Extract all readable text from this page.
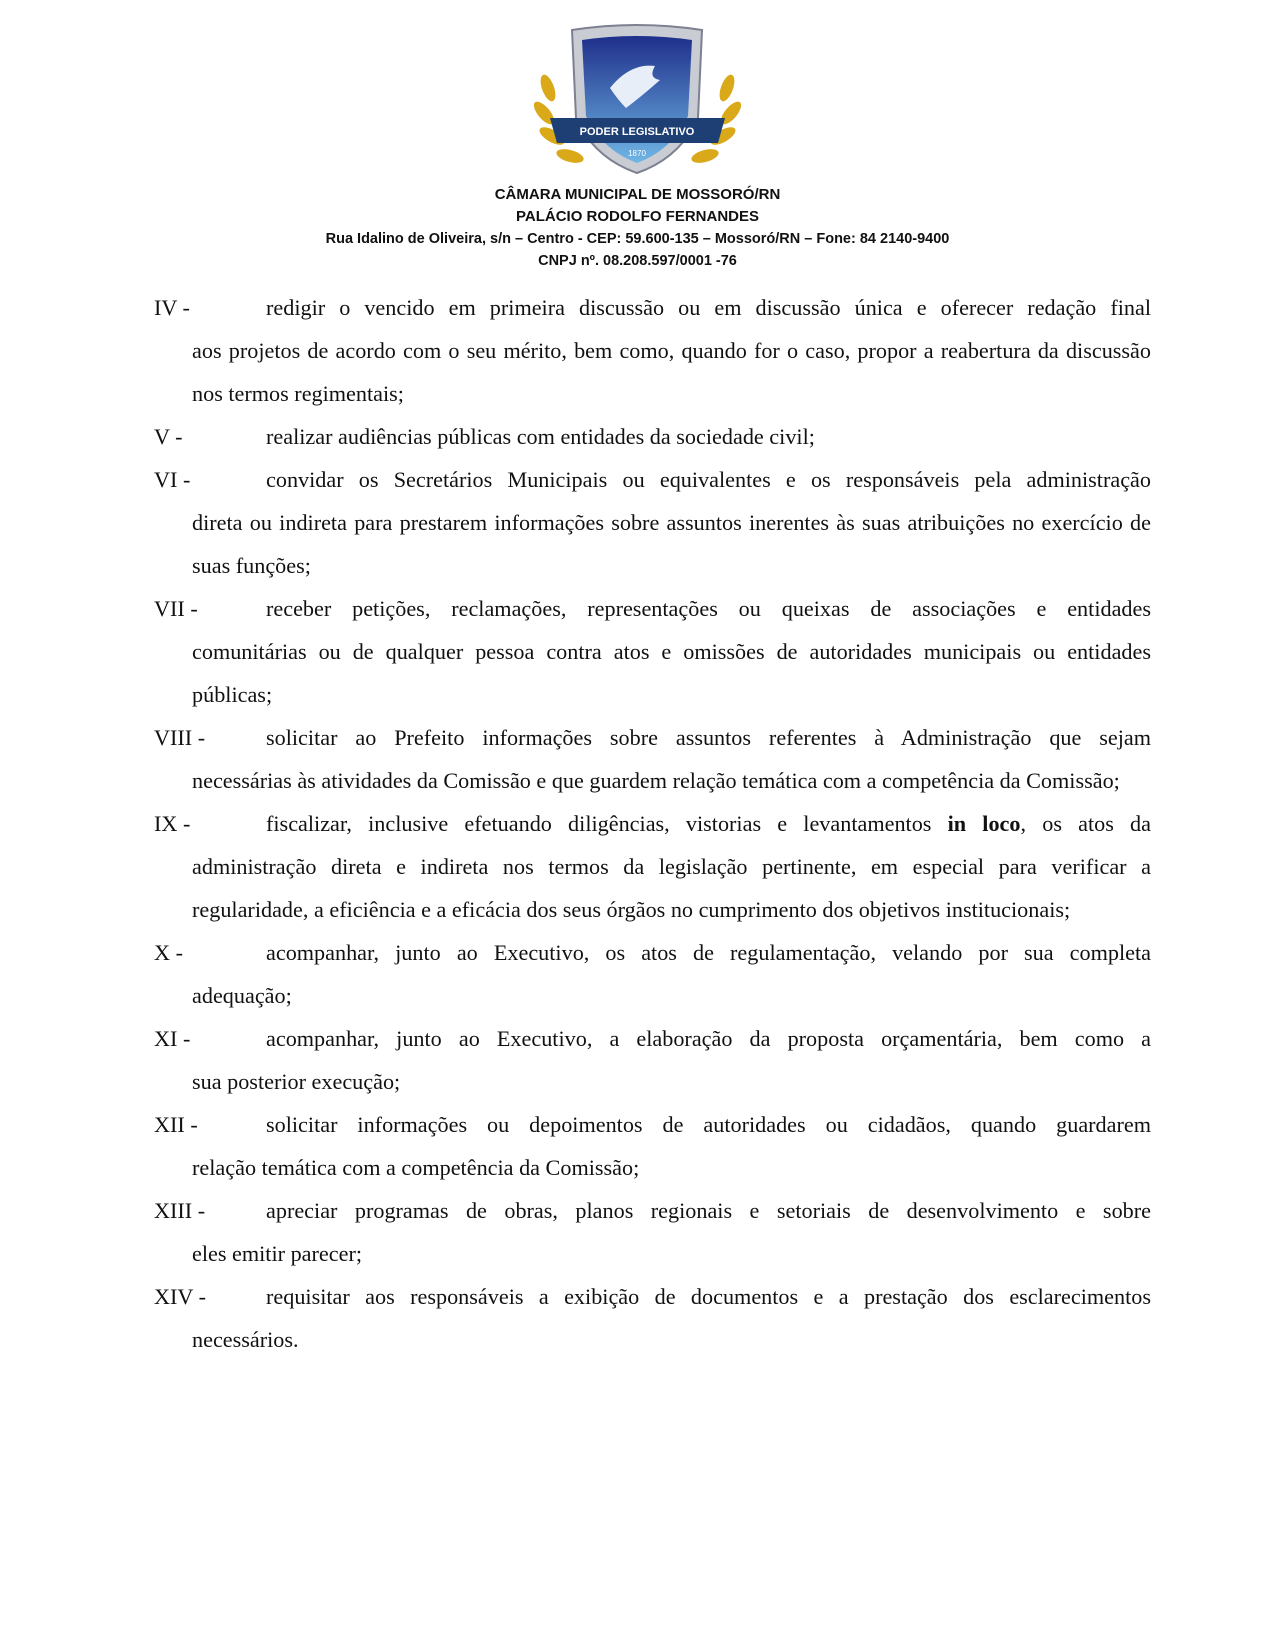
PODER LEGISLATIVO
1870
CÂMARA MUNICIPAL DE MOSSORÓ/RN
PALÁCIO RODOLFO FERNANDES
Rua Idalino de Oliveira, s/n – Centro - CEP: 59.600-135 – Mossoró/RN – Fone: 84 2140-9400
CNPJ nº. 08.208.597/0001 -76
IV -	redigir o vencido em primeira discussão ou em discussão única e oferecer redação final
aos projetos de acordo com o seu mérito, bem como, quando for o caso, propor a reabertura da discussão nos termos regimentais;
V -	realizar audiências públicas com entidades da sociedade civil;
VI -	convidar os Secretários Municipais ou equivalentes e os responsáveis pela administração
direta ou indireta para prestarem informações sobre assuntos inerentes às suas atribuições no exercício de suas funções;
VII -	receber petições, reclamações, representações ou queixas de associações e entidades
comunitárias ou de qualquer pessoa contra atos e omissões de autoridades municipais ou entidades públicas;
VIII -	solicitar ao Prefeito informações sobre assuntos referentes à Administração que sejam
necessárias às atividades da Comissão e que guardem relação temática com a competência da Comissão;
IX -	fiscalizar, inclusive efetuando diligências, vistorias e levantamentos in loco, os atos da
administração direta e indireta nos termos da legislação pertinente, em especial para verificar a regularidade, a eficiência e a eficácia dos seus órgãos no cumprimento dos objetivos institucionais;
X -	acompanhar, junto ao Executivo, os atos de regulamentação, velando por sua completa
adequação;
XI -	acompanhar, junto ao Executivo, a elaboração da proposta orçamentária, bem como a
sua posterior execução;
XII -	solicitar informações ou depoimentos de autoridades ou cidadãos, quando guardarem
relação temática com a competência da Comissão;
XIII -	apreciar programas de obras, planos regionais e setoriais de desenvolvimento e sobre
eles emitir parecer;
XIV -	requisitar aos responsáveis a exibição de documentos e a prestação dos esclarecimentos
necessários.
